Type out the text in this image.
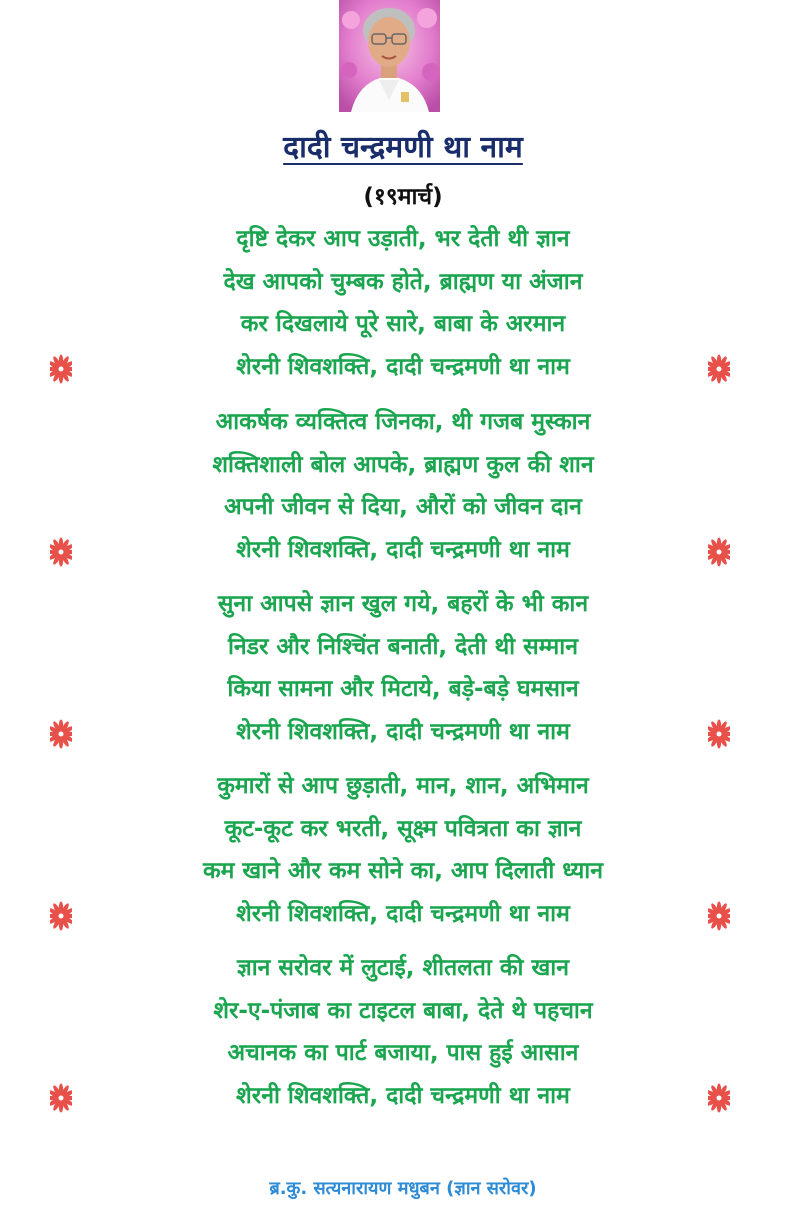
दादी चन्द्रमणी था नाम
(१९मार्च)
दृष्टि देकर आप उड़ाती, भर देती थी ज्ञान
देख आपको चुम्बक होते, ब्राह्मण या अंजान
कर दिखलाये पूरे सारे, बाबा के अरमान
शेरनी शिवशक्ति, दादी चन्द्रमणी था नाम
आकर्षक व्यक्तित्व जिनका, थी गजब मुस्कान
शक्तिशाली बोल आपके, ब्राह्मण कुल की शान
अपनी जीवन से दिया, औरों को जीवन दान
शेरनी शिवशक्ति, दादी चन्द्रमणी था नाम
सुना आपसे ज्ञान खुल गये, बहरों के भी कान
निडर और निश्चिंत बनाती, देती थी सम्मान
किया सामना और मिटाये, बड़े-बड़े घमसान
शेरनी शिवशक्ति, दादी चन्द्रमणी था नाम
कुमारों से आप छुड़ाती, मान, शान, अभिमान
कूट-कूट कर भरती, सूक्ष्म पवित्रता का ज्ञान
कम खाने और कम सोने का, आप दिलाती ध्यान
शेरनी शिवशक्ति, दादी चन्द्रमणी था नाम
ज्ञान सरोवर में लुटाई, शीतलता की खान
शेर-ए-पंजाब का टाइटल बाबा, देते थे पहचान
अचानक का पार्ट बजाया, पास हुई आसान
शेरनी शिवशक्ति, दादी चन्द्रमणी था नाम
ब्र.कु. सत्यनारायण मधुबन (ज्ञान सरोवर)
